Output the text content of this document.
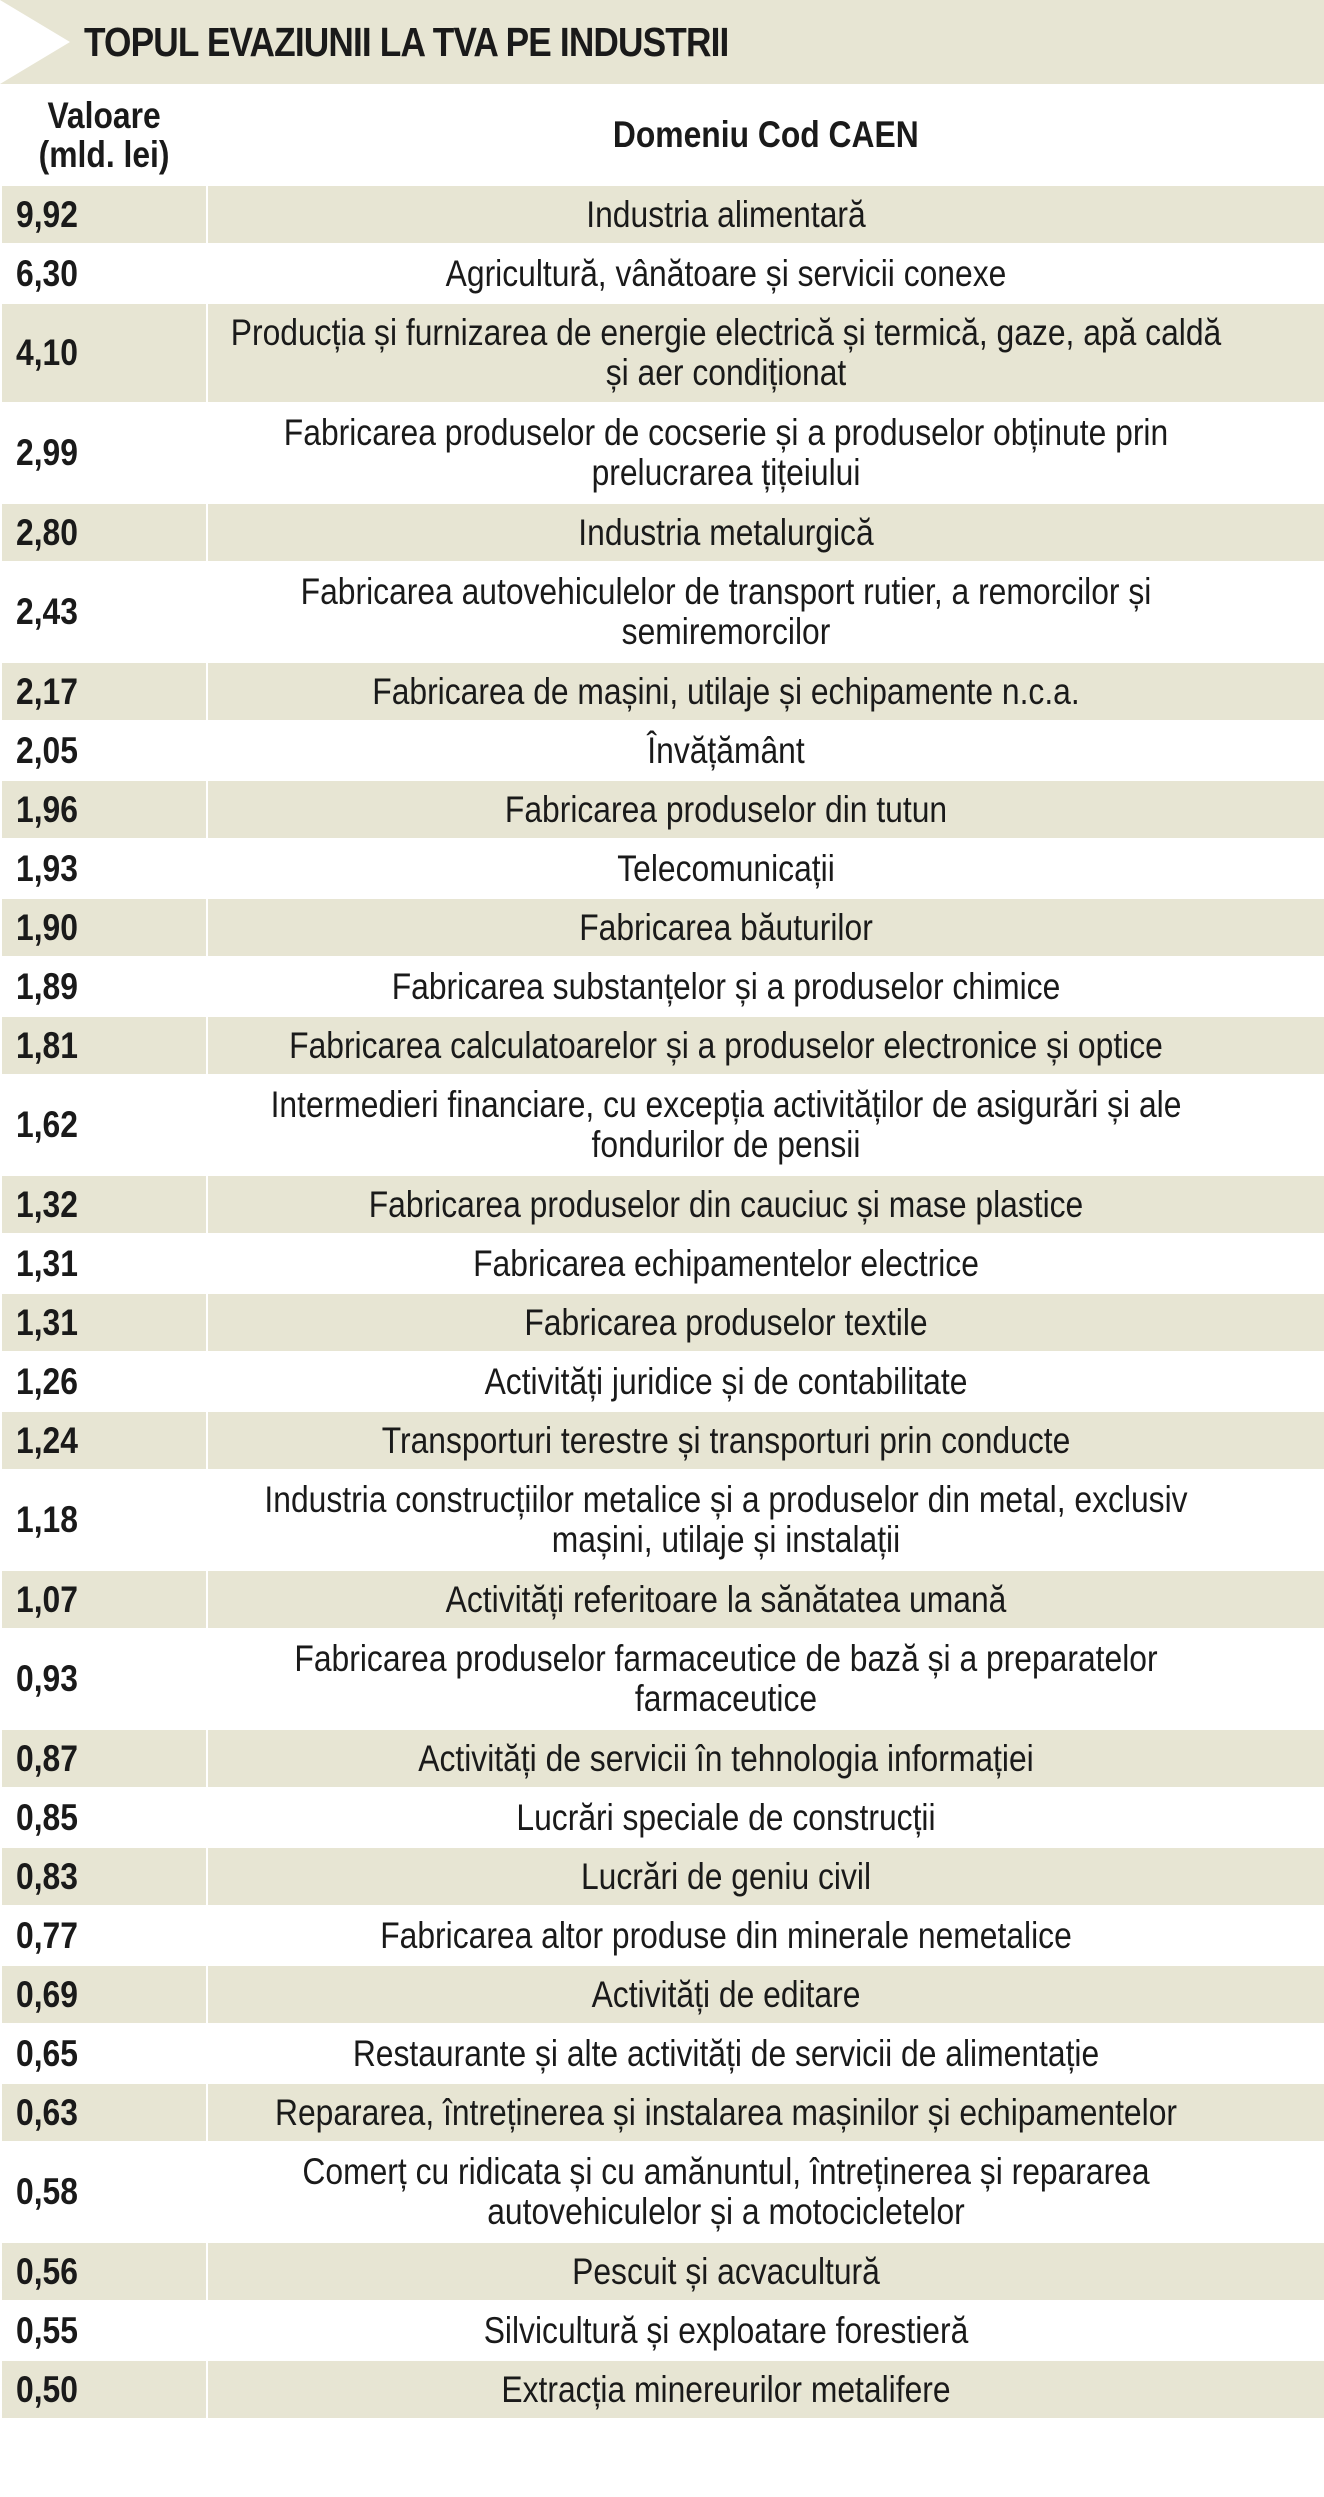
TOPUL EVAZIUNII LA TVA PE INDUSTRII
Valoare
(mld. lei)	Domeniu Cod CAEN
9,92	Industria alimentară
6,30	Agricultură, vânătoare și servicii conexe
4,10	Producția și furnizarea de energie electrică și termică, gaze, apă caldă și aer condiționat
2,99	Fabricarea produselor de cocserie și a produselor obținute prin prelucrarea țițeiului
2,80	Industria metalurgică
2,43	Fabricarea autovehiculelor de transport rutier, a remorcilor și semiremorcilor
2,17	Fabricarea de mașini, utilaje și echipamente n.c.a.
2,05	Învățământ
1,96	Fabricarea produselor din tutun
1,93	Telecomunicații
1,90	Fabricarea băuturilor
1,89	Fabricarea substanțelor și a produselor chimice
1,81	Fabricarea calculatoarelor și a produselor electronice și optice
1,62	Intermedieri financiare, cu excepția activităților de asigurări și ale fondurilor de pensii
1,32	Fabricarea produselor din cauciuc și mase plastice
1,31	Fabricarea echipamentelor electrice
1,31	Fabricarea produselor textile
1,26	Activități juridice și de contabilitate
1,24	Transporturi terestre și transporturi prin conducte
1,18	Industria construcțiilor metalice și a produselor din metal, exclusiv mașini, utilaje și instalații
1,07	Activități referitoare la sănătatea umană
0,93	Fabricarea produselor farmaceutice de bază și a preparatelor farmaceutice
0,87	Activități de servicii în tehnologia informației
0,85	Lucrări speciale de construcții
0,83	Lucrări de geniu civil
0,77	Fabricarea altor produse din minerale nemetalice
0,69	Activități de editare
0,65	Restaurante și alte activități de servicii de alimentație
0,63	Repararea, întreținerea și instalarea mașinilor și echipamentelor
0,58	Comerț cu ridicata și cu amănuntul, întreținerea și repararea autovehiculelor și a motocicletelor
0,56	Pescuit și acvacultură
0,55	Silvicultură și exploatare forestieră
0,50	Extracția minereurilor metalifere
